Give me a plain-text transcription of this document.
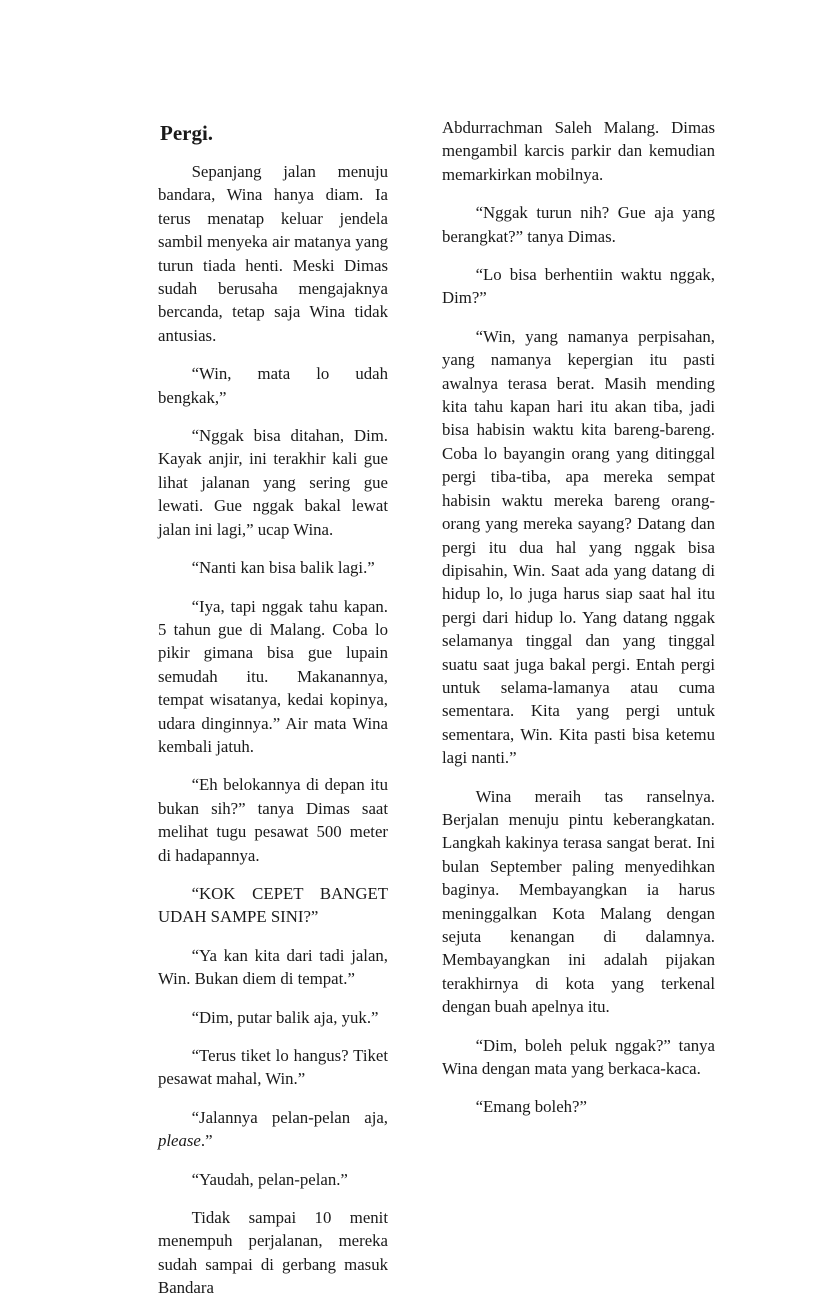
Pergi.

Sepanjang jalan menuju bandara, Wina hanya diam. Ia terus menatap keluar jendela sambil menyeka air matanya yang turun tiada henti. Meski Dimas sudah berusaha mengajaknya bercanda, tetap saja Wina tidak antusias.

“Win, mata lo udah bengkak,”

“Nggak bisa ditahan, Dim. Kayak anjir, ini terakhir kali gue lihat jalanan yang sering gue lewati. Gue nggak bakal lewat jalan ini lagi,” ucap Wina.

“Nanti kan bisa balik lagi.”

“Iya, tapi nggak tahu kapan. 5 tahun gue di Malang. Coba lo pikir gimana bisa gue lupain semudah itu. Makanannya, tempat wisatanya, kedai kopinya, udara dinginnya.” Air mata Wina kembali jatuh.

“Eh belokannya di depan itu bukan sih?” tanya Dimas saat melihat tugu pesawat 500 meter di hadapannya.

“KOK CEPET BANGET UDAH SAMPE SINI?”

“Ya kan kita dari tadi jalan, Win. Bukan diem di tempat.”

“Dim, putar balik aja, yuk.”

“Terus tiket lo hangus? Tiket pesawat mahal, Win.”

“Jalannya pelan-pelan aja, please.”

“Yaudah, pelan-pelan.”

Tidak sampai 10 menit menempuh perjalanan, mereka sudah sampai di gerbang masuk Bandara

Abdurrachman Saleh Malang. Dimas mengambil karcis parkir dan kemudian memarkirkan mobilnya.

“Nggak turun nih? Gue aja yang berangkat?” tanya Dimas.

“Lo bisa berhentiin waktu nggak, Dim?”

“Win, yang namanya perpisahan, yang namanya kepergian itu pasti awalnya terasa berat. Masih mending kita tahu kapan hari itu akan tiba, jadi bisa habisin waktu kita bareng-bareng. Coba lo bayangin orang yang ditinggal pergi tiba-tiba, apa mereka sempat habisin waktu mereka bareng orang-orang yang mereka sayang? Datang dan pergi itu dua hal yang nggak bisa dipisahin, Win. Saat ada yang datang di hidup lo, lo juga harus siap saat hal itu pergi dari hidup lo. Yang datang nggak selamanya tinggal dan yang tinggal suatu saat juga bakal pergi. Entah pergi untuk selama-lamanya atau cuma sementara. Kita yang pergi untuk sementara, Win. Kita pasti bisa ketemu lagi nanti.”

Wina meraih tas ranselnya. Berjalan menuju pintu keberangkatan. Langkah kakinya terasa sangat berat. Ini bulan September paling menyedihkan baginya. Membayangkan ia harus meninggalkan Kota Malang dengan sejuta kenangan di dalamnya. Membayangkan ini adalah pijakan terakhirnya di kota yang terkenal dengan buah apelnya itu.

“Dim, boleh peluk nggak?” tanya Wina dengan mata yang berkaca-kaca.

“Emang boleh?”
